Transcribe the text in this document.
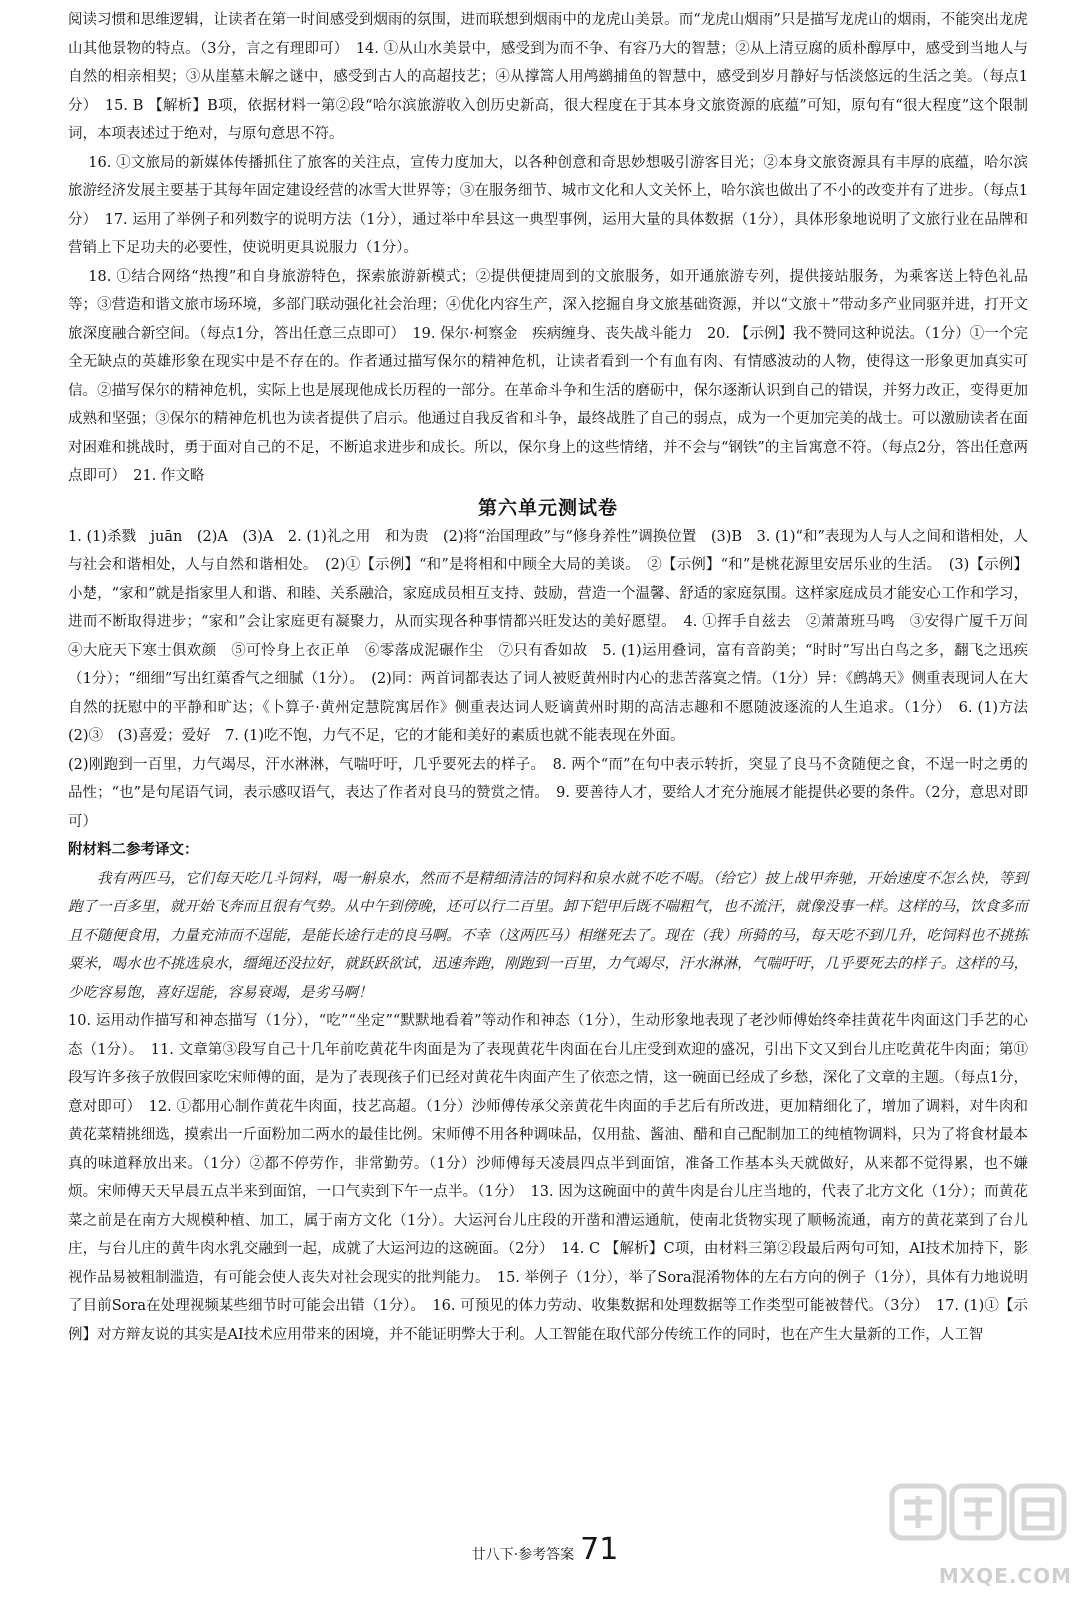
阅读习惯和思维逻辑，让读者在第一时间感受到烟雨的氛围，进而联想到烟雨中的龙虎山美景。而“龙虎山烟雨”只是描写龙虎山的烟雨，不能突出龙虎山其他景物的特点。（3分，言之有理即可）　14. ①从山水美景中，感受到为而不争、有容乃大的智慧；②从上清豆腐的质朴醇厚中，感受到当地人与自然的相亲相契；③从崖墓未解之谜中，感受到古人的高超技艺；④从撑篙人用鸬鹚捕鱼的智慧中，感受到岁月静好与恬淡悠远的生活之美。（每点1分）　15. B 【解析】B项，依据材料一第②段“哈尔滨旅游收入创历史新高，很大程度在于其本身文旅资源的底蕴”可知，原句有“很大程度”这个限制词，本项表述过于绝对，与原句意思不符。

16. ①文旅局的新媒体传播抓住了旅客的关注点，宣传力度加大，以各种创意和奇思妙想吸引游客目光；②本身文旅资源具有丰厚的底蕴，哈尔滨旅游经济发展主要基于其每年固定建设经营的冰雪大世界等；③在服务细节、城市文化和人文关怀上，哈尔滨也做出了不小的改变并有了进步。（每点1分）　17. 运用了举例子和列数字的说明方法（1分），通过举中牟县这一典型事例，运用大量的具体数据（1分），具体形象地说明了文旅行业在品牌和营销上下足功夫的必要性，使说明更具说服力（1分）。

18. ①结合网络“热搜”和自身旅游特色，探索旅游新模式；②提供便捷周到的文旅服务，如开通旅游专列，提供接站服务，为乘客送上特色礼品等；③营造和谐文旅市场环境，多部门联动强化社会治理；④优化内容生产，深入挖掘自身文旅基础资源，并以“文旅＋”带动多产业同驱并进，打开文旅深度融合新空间。（每点1分，答出任意三点即可）　19. 保尔·柯察金　疾病缠身、丧失战斗能力　20. 【示例】我不赞同这种说法。（1分）①一个完全无缺点的英雄形象在现实中是不存在的。作者通过描写保尔的精神危机，让读者看到一个有血有肉、有情感波动的人物，使得这一形象更加真实可信。②描写保尔的精神危机，实际上也是展现他成长历程的一部分。在革命斗争和生活的磨砺中，保尔逐渐认识到自己的错误，并努力改正，变得更加成熟和坚强；③保尔的精神危机也为读者提供了启示。他通过自我反省和斗争，最终战胜了自己的弱点，成为一个更加完美的战士。可以激励读者在面对困难和挑战时，勇于面对自己的不足，不断追求进步和成长。所以，保尔身上的这些情绪，并不会与“钢铁”的主旨寓意不符。（每点2分，答出任意两点即可）　21. 作文略

第六单元测试卷

1. (1)杀戮　juān　(2)A　(3)A　2. (1)礼之用　和为贵　(2)将“治国理政”与“修身养性”调换位置　(3)B　3. (1)“和”表现为人与人之间和谐相处，人与社会和谐相处，人与自然和谐相处。　(2)①【示例】“和”是将相和中顾全大局的美谈。　②【示例】“和”是桃花源里安居乐业的生活。　(3)【示例】小楚，“家和”就是指家里人和谐、和睦、关系融洽，家庭成员相互支持、鼓励，营造一个温馨、舒适的家庭氛围。这样家庭成员才能安心工作和学习，进而不断取得进步；“家和”会让家庭更有凝聚力，从而实现各种事情都兴旺发达的美好愿望。　4. ①挥手自兹去　②萧萧班马鸣　③安得广厦千万间　④大庇天下寒士俱欢颜　⑤可怜身上衣正单　⑥零落成泥碾作尘　⑦只有香如故　5. (1)运用叠词，富有音韵美；“时时”写出白鸟之多，翻飞之迅疾（1分）；“细细”写出红蕖香气之细腻（1分）。　(2)同：两首词都表达了词人被贬黄州时内心的悲苦落寞之情。（1分）异：《鹧鸪天》侧重表现词人在大自然的抚慰中的平静和旷达；《卜算子·黄州定慧院寓居作》侧重表达词人贬谪黄州时期的高洁志趣和不愿随波逐流的人生追求。（1分）　6. (1)方法　(2)③　(3)喜爱；爱好　7. (1)吃不饱，力气不足，它的才能和美好的素质也就不能表现在外面。

(2)刚跑到一百里，力气竭尽，汗水淋淋，气喘吁吁，几乎要死去的样子。　8. 两个“而”在句中表示转折，突显了良马不贪随便之食，不逞一时之勇的品性；“也”是句尾语气词，表示感叹语气，表达了作者对良马的赞赏之情。　9. 要善待人才，要给人才充分施展才能提供必要的条件。（2分，意思对即可）

附材料二参考译文：

我有两匹马，它们每天吃几斗饲料，喝一斛泉水，然而不是精细清洁的饲料和泉水就不吃不喝。（给它）披上战甲奔驰，开始速度不怎么快，等到跑了一百多里，就开始飞奔而且很有气势。从中午到傍晚，还可以行二百里。卸下铠甲后既不喘粗气，也不流汗，就像没事一样。这样的马，饮食多而且不随便食用，力量充沛而不逞能，是能长途行走的良马啊。不幸（这两匹马）相继死去了。现在（我）所骑的马，每天吃不到几升，吃饲料也不挑拣粟米，喝水也不挑选泉水，缰绳还没拉好，就跃跃欲试，迅速奔跑，刚跑到一百里，力气竭尽，汗水淋淋，气喘吁吁，几乎要死去的样子。这样的马，少吃容易饱，喜好逞能，容易衰竭，是劣马啊！

10. 运用动作描写和神态描写（1分），“吃”“坐定”“默默地看着”等动作和神态（1分），生动形象地表现了老沙师傅始终牵挂黄花牛肉面这门手艺的心态（1分）。　11. 文章第③段写自己十几年前吃黄花牛肉面是为了表现黄花牛肉面在台儿庄受到欢迎的盛况，引出下文又到台儿庄吃黄花牛肉面；第⑪段写许多孩子放假回家吃宋师傅的面，是为了表现孩子们已经对黄花牛肉面产生了依恋之情，这一碗面已经成了乡愁，深化了文章的主题。（每点1分，意对即可）　12. ①都用心制作黄花牛肉面，技艺高超。（1分）沙师傅传承父亲黄花牛肉面的手艺后有所改进，更加精细化了，增加了调料，对牛肉和黄花菜精挑细选，摸索出一斤面粉加二两水的最佳比例。宋师傅不用各种调味品，仅用盐、酱油、醋和自己配制加工的纯植物调料，只为了将食材最本真的味道释放出来。（1分）②都不停劳作，非常勤劳。（1分）沙师傅每天凌晨四点半到面馆，准备工作基本头天就做好，从来都不觉得累，也不嫌烦。宋师傅天天早晨五点半来到面馆，一口气卖到下午一点半。（1分）　13. 因为这碗面中的黄牛肉是台儿庄当地的，代表了北方文化（1分）；而黄花菜之前是在南方大规模种植、加工，属于南方文化（1分）。大运河台儿庄段的开凿和漕运通航，使南北货物实现了顺畅流通，南方的黄花菜到了台儿庄，与台儿庄的黄牛肉水乳交融到一起，成就了大运河边的这碗面。（2分）　14. C 【解析】C项，由材料三第②段最后两句可知，AI技术加持下，影视作品易被粗制滥造，有可能会使人丧失对社会现实的批判能力。　15. 举例子（1分），举了Sora混淆物体的左右方向的例子（1分），具体有力地说明了目前Sora在处理视频某些细节时可能会出错（1分）。　16. 可预见的体力劳动、收集数据和处理数据等工作类型可能被替代。（3分）　17. (1)①【示例】对方辩友说的其实是AI技术应用带来的困境，并不能证明弊大于利。人工智能在取代部分传统工作的同时，也在产生大量新的工作，人工智

MXQE.COM
廿八下·参考答案 71
